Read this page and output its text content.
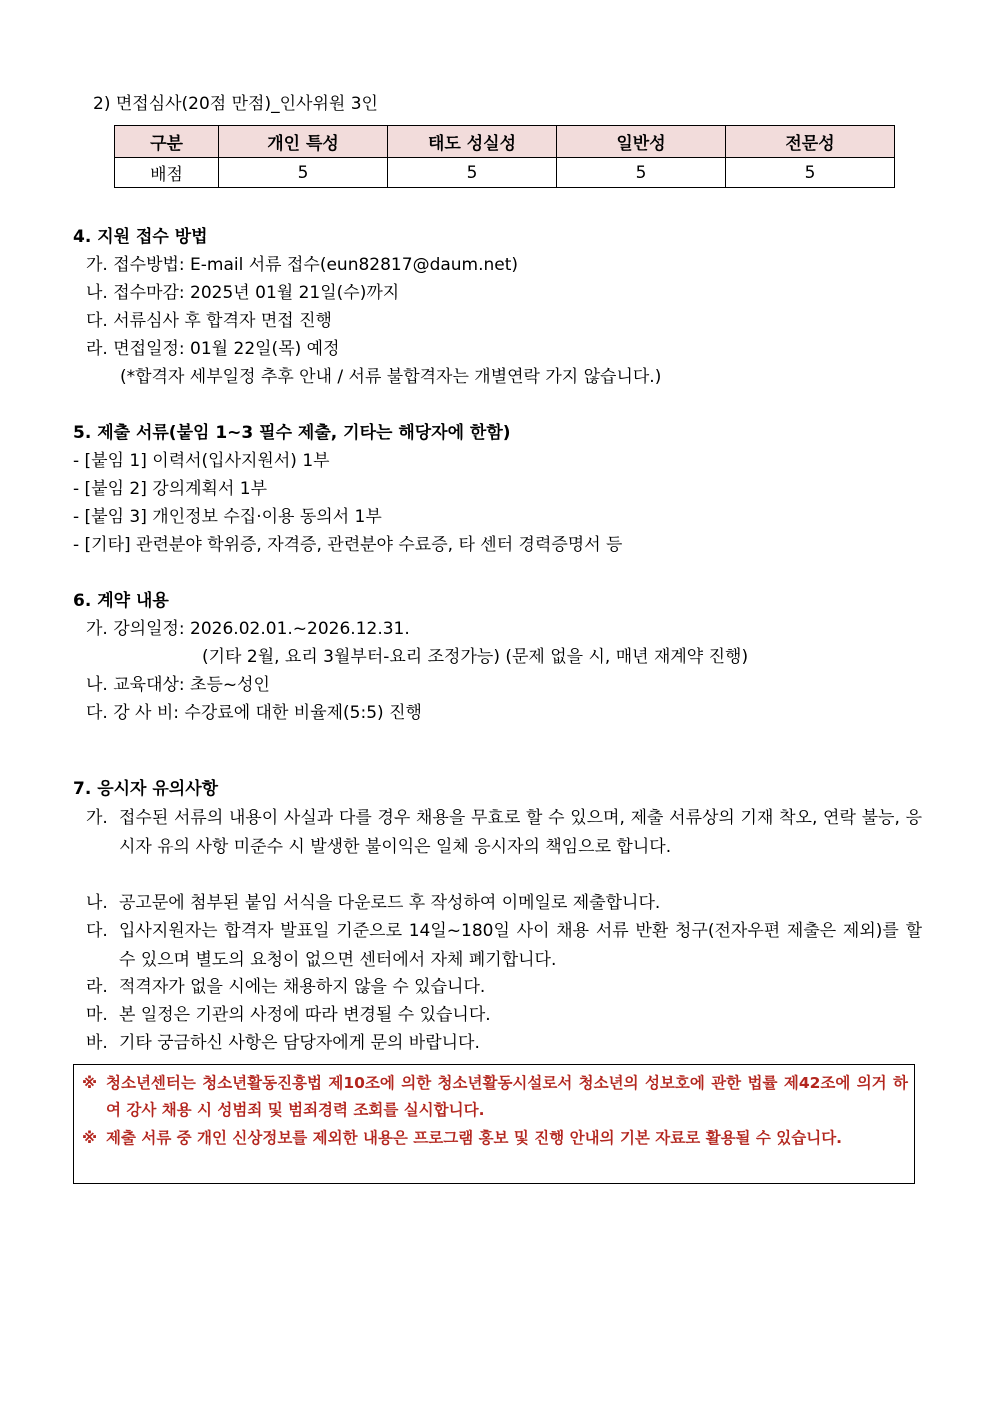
2) 면접심사(20점 만점)_인사위원 3인
구분	개인 특성	태도 성실성	일반성	전문성
배점	5	5	5	5
4. 지원 접수 방법
가. 접수방법: E-mail 서류 접수(eun82817@daum.net)
나. 접수마감: 2025년 01월 21일(수)까지
다. 서류심사 후 합격자 면접 진행
라. 면접일정: 01월 22일(목) 예정
(*합격자 세부일정 추후 안내 / 서류 불합격자는 개별연락 가지 않습니다.)
5. 제출 서류(붙임 1~3 필수 제출, 기타는 해당자에 한함)
- [붙임 1] 이력서(입사지원서) 1부
- [붙임 2] 강의계획서 1부
- [붙임 3] 개인정보 수집·이용 동의서 1부
- [기타] 관련분야 학위증, 자격증, 관련분야 수료증, 타 센터 경력증명서 등
6. 계약 내용
가. 강의일정: 2026.02.01.~2026.12.31.
(기타 2월, 요리 3월부터-요리 조정가능) (문제 없을 시, 매년 재계약 진행)
나. 교육대상: 초등~성인
다. 강 사 비: 수강료에 대한 비율제(5:5) 진행
7. 응시자 유의사항
가. 접수된 서류의 내용이 사실과 다를 경우 채용을 무효로 할 수 있으며, 제출 서류상의 기재 착오, 연락 불능, 응시자 유의 사항 미준수 시 발생한 불이익은 일체 응시자의 책임으로 합니다.
나. 공고문에 첨부된 붙임 서식을 다운로드 후 작성하여 이메일로 제출합니다.
다. 입사지원자는 합격자 발표일 기준으로 14일~180일 사이 채용 서류 반환 청구(전자우편 제출은 제외)를 할 수 있으며 별도의 요청이 없으면 센터에서 자체 폐기합니다.
라. 적격자가 없을 시에는 채용하지 않을 수 있습니다.
마. 본 일정은 기관의 사정에 따라 변경될 수 있습니다.
바. 기타 궁금하신 사항은 담당자에게 문의 바랍니다.
※ 청소년센터는 청소년활동진흥법 제10조에 의한 청소년활동시설로서 청소년의 성보호에 관한 법률 제42조에 의거 하여 강사 채용 시 성범죄 및 범죄경력 조회를 실시합니다.
※ 제출 서류 중 개인 신상정보를 제외한 내용은 프로그램 홍보 및 진행 안내의 기본 자료로 활용될 수 있습니다.
